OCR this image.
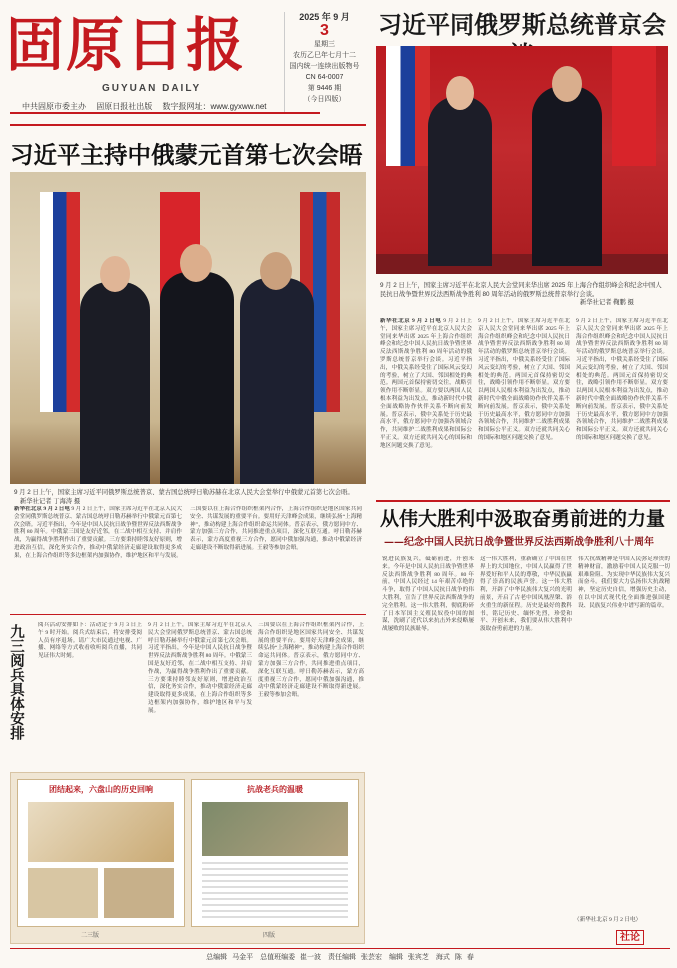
固原日报
GUYUAN DAILY
中共固原市委主办 固原日报社出版 数字报网址：www.gyxww.net
2025 年 9 月
3
星期三
农历乙巳年七月十二
国内统一连续出版物号
CN 64-0007
第 9446 期
（今日四版）
习近平同俄罗斯总统普京会
9 月 2 日上午，国家主席习近平在北京人民大会堂同来华出席 2025 年上海合作组织峰会和纪念中国人民抗日战争暨世界反法西斯战争胜利 80 周年活动的俄罗斯总统普京举行会谈。
新华社记者 鞠鹏 摄
新华社北京 9 月 2 日电 9 月 2 日上午，国家主席习近平在北京人民大会堂同来华出席 2025 年上海合作组织峰会和纪念中国人民抗日战争暨世界反法西斯战争胜利 80 周年活动的俄罗斯总统普京举行会谈。习近平指出，中俄关系经受住了国际风云变幻的考验，树立了大国、邻国相处的典范。两国元首保持密切交往，战略引领作用不断彰显。双方要以两国人民根本利益为出发点，推动新时代中俄全面战略协作伙伴关系不断向前发展。普京表示，俄中关系处于历史最高水平，俄方愿同中方加强各领域合作，共同维护二战胜利成果和国际公平正义。双方还就共同关心的国际和地区问题交换了意见。
9 月 2 日上午，国家主席习近平在北京人民大会堂同来华出席 2025 年上海合作组织峰会和纪念中国人民抗日战争暨世界反法西斯战争胜利 80 周年活动的俄罗斯总统普京举行会谈。习近平指出，中俄关系经受住了国际风云变幻的考验，树立了大国、邻国相处的典范。两国元首保持密切交往，战略引领作用不断彰显。双方要以两国人民根本利益为出发点，推动新时代中俄全面战略协作伙伴关系不断向前发展。普京表示，俄中关系处于历史最高水平，俄方愿同中方加强各领域合作，共同维护二战胜利成果和国际公平正义。双方还就共同关心的国际和地区问题交换了意见。
9 月 2 日上午，国家主席习近平在北京人民大会堂同来华出席 2025 年上海合作组织峰会和纪念中国人民抗日战争暨世界反法西斯战争胜利 80 周年活动的俄罗斯总统普京举行会谈。习近平指出，中俄关系经受住了国际风云变幻的考验，树立了大国、邻国相处的典范。两国元首保持密切交往，战略引领作用不断彰显。双方要以两国人民根本利益为出发点，推动新时代中俄全面战略协作伙伴关系不断向前发展。普京表示，俄中关系处于历史最高水平，俄方愿同中方加强各领域合作，共同维护二战胜利成果和国际公平正义。双方还就共同关心的国际和地区问题交换了意见。
习近平主持中俄蒙元首第七次会晤
9 月 2 日上午，国家主席习近平同俄罗斯总统普京、蒙古国总统呼日勒苏赫在北京人民大会堂举行中俄蒙元首第七次会晤。 新华社记者 丁海涛 摄
新华社北京 9 月 2 日电 9 月 2 日上午，国家主席习近平在北京人民大会堂同俄罗斯总统普京、蒙古国总统呼日勒苏赫举行中俄蒙元首第七次会晤。习近平指出，今年是中国人民抗日战争暨世界反法西斯战争胜利 80 周年。中俄蒙三国是友好近邻，在二战中相互支持、并肩作战，为赢得战争胜利作出了重要贡献。三方要秉持睦邻友好原则，增进政治互信，深化务实合作，推动中俄蒙经济走廊建设取得更多成果，在上海合作组织等多边框架内加强协作，维护地区和平与发展。
三国要以在上海合作组织框架内合作，上海合作组织是地区国家共同安全、共谋发展的重要平台。要用好天津峰会成果，继续弘扬“上海精神”，推动构建上海合作组织命运共同体。普京表示，俄方愿同中方、蒙方加强三方合作，共同推进重点项目，深化互联互通。呼日勒苏赫表示，蒙方高度重视三方合作，愿同中俄加强沟通，推动中俄蒙经济走廊建设不断取得新进展。王毅等参加会晤。
九三阅兵具体安排	阅兵活动安排如下：活动定于 9 月 3 日上午 9 时开始。阅兵式结束后，将安排受阅人员有序退场。请广大市民通过电视、广播、网络等方式收看收听阅兵直播，共同见证伟大时刻。
9 月 2 日上午，国家主席习近平在北京人民大会堂同俄罗斯总统普京、蒙古国总统呼日勒苏赫举行中俄蒙元首第七次会晤。习近平指出，今年是中国人民抗日战争暨世界反法西斯战争胜利 80 周年。中俄蒙三国是友好近邻，在二战中相互支持、并肩作战，为赢得战争胜利作出了重要贡献。三方要秉持睦邻友好原则，增进政治互信，深化务实合作，推动中俄蒙经济走廊建设取得更多成果，在上海合作组织等多边框架内加强协作，维护地区和平与发展。
三国要以在上海合作组织框架内合作，上海合作组织是地区国家共同安全、共谋发展的重要平台。要用好天津峰会成果，继续弘扬“上海精神”，推动构建上海合作组织命运共同体。普京表示，俄方愿同中方、蒙方加强三方合作，共同推进重点项目，深化互联互通。呼日勒苏赫表示，蒙方高度重视三方合作，愿同中俄加强沟通，推动中俄蒙经济走廊建设不断取得新进展。王毅等参加会晤。
团结起来，六盘山的历史回响	抗战老兵的温暖
二三版	四版
从伟大胜利中汲取奋勇前进的力量
——纪念中国人民抗日战争暨世界反法西斯战争胜利八十周年
锐进民族复兴，砥砺前进，开创未来。今年是中国人民抗日战争暨世界反法西斯战争胜利 80 周年。80 年前，中国人民经过 14 年艰苦卓绝的斗争，取得了中国人民抗日战争的伟大胜利，宣告了世界反法西斯战争的完全胜利。这一伟大胜利，彻底粉碎了日本军国主义殖民奴役中国的图谋，洗刷了近代以来抗击外来侵略屡战屡败的民族耻辱。
这一伟大胜利，重新确立了中国在世界上的大国地位，中国人民赢得了世界爱好和平人民的尊敬，中华民族赢得了崇高的民族声誉。这一伟大胜利，开辟了中华民族伟大复兴的光明前景，开启了古老中国凤凰涅槃、浴火重生的新征程。历史是最好的教科书，铭记历史、缅怀先烈，珍爱和平、开创未来，我们要从伟大胜利中汲取奋勇前进的力量。
伟大抗战精神是中国人民弥足珍贵的精神财富，激励着中国人民克服一切艰难险阻、为实现中华民族伟大复兴而奋斗。我们要大力弘扬伟大抗战精神，坚定历史自信，增强历史主动，在以中国式现代化全面推进强国建设、民族复兴伟业中谱写新的篇章。
（新华社北京 9 月 2 日电）
社论
总编辑 马金平　总值班编委 崔一波　责任编辑 张芸宏　编辑 张宾芝　海式 陈 春
